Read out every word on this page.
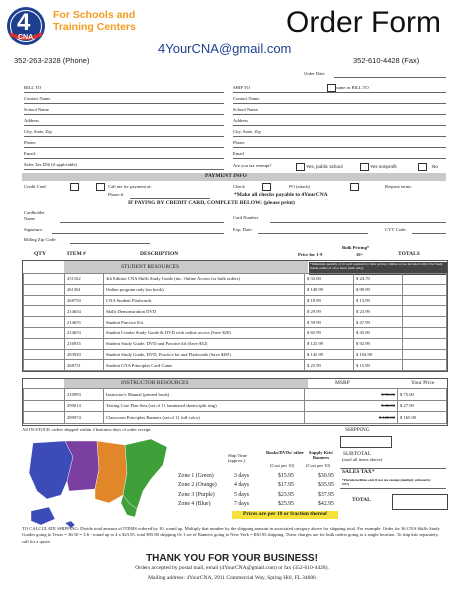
4
CNA
For Schools and
Training Centers	Order Form
4YourCNA@gmail.com
352-263-2328 (Phone)	352-610-4428 (Fax)
Order Date
BILL TO	SHIP TO	same as BILL TO
Contact Name
School Name
Address
City, State, Zip
Phone
Email:
Sales Tax ID# (if applicable)
Contact Name
School Name
Address
City, State, Zip
Phone
Email
Are you tax exempt?	Yes, public school	Yes nonprofit	No
PAYMENT INFO
Credit Card	Call me for payment at:
Phone #:
Check	PO (attach)	Request terms
*Make all checks payable to 4YourCNA
IF PAYING BY CREDIT CARD, COMPLETE BELOW: (please print)
Cardholder Name	Card Number
Signature:	Exp. Date:	CVV Code:
Billing Zip Code:
QTY	ITEM #	DESCRIPTION	Price for 1-9
Bulk Pricing*
10+	TOTALS
STUDENT RESOURCES	*Minimum quantity of 10 each required for bulk pricing. Online access included with CNA Study Guide orders of 10 or more (bulk only).
	251162	4th Edition CNA Skills Study Guide (inc. Online Access for bulk orders)	$ 33.00	$ 24.70	
	261361	Online program only (no book)	$ 149.99	$ 99.99	
	268750	CNA Student Flashcards	$ 19.99	$ 13.99	
	214654	Skills Demonstration DVD	$ 29.99	$ 23.99	
	214655	Student Practice Kit	$ 59.99	$ 47.99	
	214653	Student Combo Study Guide & DVD with online access (Save $20)	$ 65.99	$ 45.00	
	216935	Student Study Guide, DVD and Practice kit (Save $32)	$ 125.99	$ 92.99	
	283920	Student Study Guide, DVD, Practice kit and Flashcards (Save $48!)	$ 145.99	$ 104.99	
	268751	Student CNA Principles Card Game	$ 25.99	$ 15.99	
INSTRUCTOR RESOURCES	MSRP	Your Price
	210993	Instructor's Manual (printed book)	$ 96.00	$ 75.00
	290014	Testing Care Plan Sets (set of 11 laminated sheets/split ring)	$ 42.00	$ 27.99
	289974	Classroom Principles Banners (set of 11 full-color)	$ 120.00	$ 165.00
All IN-STOCK orders shipped within 2 business days of order receipt.	SHIPPING
SUBTOTAL
(total all items above)
SALES TAX*
*Florida facilities only if not tax exempt (multiply subtotal by 0.07)
TOTAL
Ship Time (approx.)
Books/DVDs/ other
(Cost per 10)
Supply Kits/ Banners
(Cost per 10)
Zone 1 (Green)	3 days	$15.95	$30.95
Zone 2 (Orange)	4 days	$17.95	$35.95
Zone 3 (Purple)	5 days	$23.95	$37.95
Zone 4 (Blue)	7 days	$25.95	$42.95
Prices are per 10 or fraction thereof
TO CALCULATE SHIPPING: Divide total amount of ITEMS ordered by 10, round up. Multiply that number by the shipping amount in associated category above for shipping total. For example: Order for 36 CNA Skills Study Guides going to Texas = 36/10 = 3.6 - round up to 4 x $23.95, total $95.80 shipping Or 1 set of Banners going to New York = $30.95 shipping. These charges are for bulk orders going to a single location. To ship kits separately, call for a quote.
THANK YOU FOR YOUR BUSINESS!
Orders accepted by postal mail, email (4YourCNA@gmail.com) or fax (352-610-4428).
Mailing address: 4YourCNA, 2911 Commercial Way, Spring Hill, FL 34606
